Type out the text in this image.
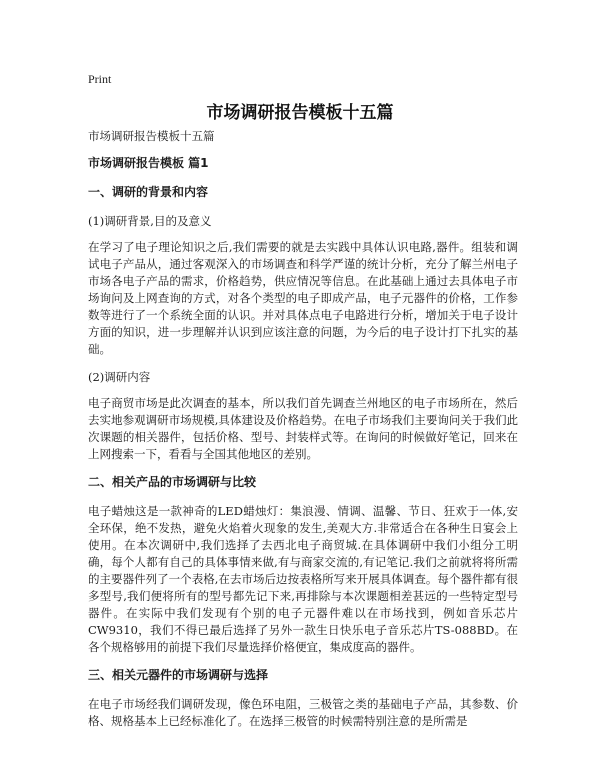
Print
市场调研报告模板十五篇

市场调研报告模板十五篇

市场调研报告模板 篇1

一、调研的背景和内容

(1)调研背景,目的及意义

在学习了电子理论知识之后,我们需要的就是去实践中具体认识电路,器件。组装和调试电子产品从，通过客观深入的市场调查和科学严谨的统计分析，充分了解兰州电子市场各电子产品的需求，价格趋势，供应情况等信息。在此基础上通过去具体电子市场询问及上网查询的方式，对各个类型的电子即成产品，电子元器件的价格，工作参数等进行了一个系统全面的认识。并对具体点电子电路进行分析，增加关于电子设计方面的知识，进一步理解并认识到应该注意的问题，为今后的电子设计打下扎实的基础。

(2)调研内容

电子商贸市场是此次调查的基本，所以我们首先调查兰州地区的电子市场所在，然后去实地参观调研市场规模,具体建设及价格趋势。在电子市场我们主要询问关于我们此次课题的相关器件，包括价格、型号、封装样式等。在询问的时候做好笔记，回来在上网搜索一下，看看与全国其他地区的差别。

二、相关产品的市场调研与比较

电子蜡烛这是一款神奇的LED蜡烛灯：集浪漫、情调、温馨、节日、狂欢于一体,安全环保，绝不发热，避免火焰着火现象的发生,美观大方.非常适合在各种生日宴会上使用。在本次调研中,我们选择了去西北电子商贸城.在具体调研中我们小组分工明确，每个人都有自己的具体事情来做,有与商家交流的,有记笔记.我们之前就将将所需的主要器件列了一个表格,在去市场后边按表格所写来开展具体调查。每个器件都有很多型号,我们便将所有的型号都先记下来,再排除与本次课题相差甚远的一些特定型号器件。在实际中我们发现有个别的电子元器件难以在市场找到，例如音乐芯片CW9310，我们不得已最后选择了另外一款生日快乐电子音乐芯片TS-088BD。在各个规格够用的前提下我们尽量选择价格便宜，集成度高的器件。

三、相关元器件的市场调研与选择

在电子市场经我们调研发现，像色环电阻，三极管之类的基础电子产品，其参数、价格、规格基本上已经标准化了。在选择三极管的时候需特别注意的是所需是
